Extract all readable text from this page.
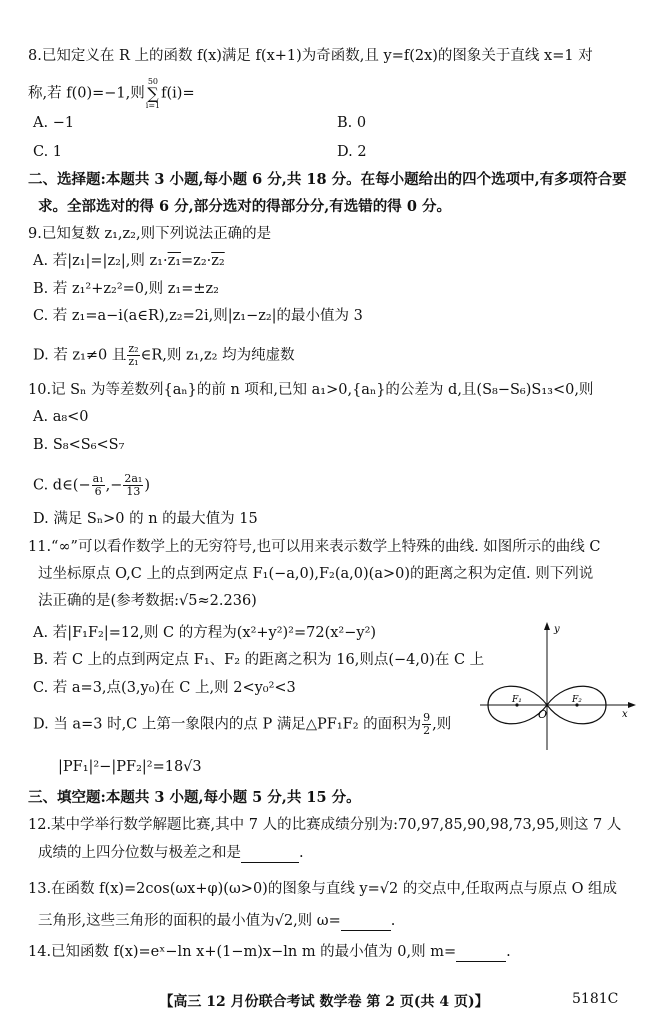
8.已知定义在 R 上的函数 f(x)满足 f(x+1)为奇函数,且 y=f(2x)的图象关于直线 x=1 对
称,若 f(0)=−1,则
50
∑
i=1
f(i)=
A. −1	B. 0
C. 1	D. 2
二、选择题:本题共 3 小题,每小题 6 分,共 18 分。在每小题给出的四个选项中,有多项符合要
求。全部选对的得 6 分,部分选对的得部分分,有选错的得 0 分。
9.已知复数 z₁,z₂,则下列说法正确的是
A. 若|z₁|=|z₂|,则 z₁·z₁=z₂·z₂
B. 若 z₁²+z₂²=0,则 z₁=±z₂
C. 若 z₁=a−i(a∈R),z₂=2i,则|z₁−z₂|的最小值为 3
D. 若 z₁≠0 且 $\frac{\text{z₂}}{\text{z₁}}$ ∈R,则 z₁,z₂ 均为纯虚数
10.记 Sₙ 为等差数列{aₙ}的前 n 项和,已知 a₁>0,{aₙ}的公差为 d,且(S₈−S₆)S₁₃<0,则
A. a₈<0
B. S₈<S₆<S₇
C. d∈(− $\frac{\text{a₁}}{6}$ ,− $\frac{\text{2a₁}}{13}$ )
D. 满足 Sₙ>0 的 n 的最大值为 15
11.“∞”可以看作数学上的无穷符号,也可以用来表示数学上特殊的曲线. 如图所示的曲线 C
过坐标原点 O,C 上的点到两定点 F₁(−a,0),F₂(a,0)(a>0)的距离之积为定值. 则下列说
法正确的是(参考数据:√5≈2.236)
A. 若|F₁F₂|=12,则 C 的方程为(x²+y²)²=72(x²−y²)
B. 若 C 上的点到两定点 F₁、F₂ 的距离之积为 16,则点(−4,0)在 C 上
C. 若 a=3,点(3,y₀)在 C 上,则 2<y₀²<3
D. 当 a=3 时,C 上第一象限内的点 P 满足△PF₁F₂ 的面积为 $\frac{9}{2}$ ,则
|PF₁|²−|PF₂|²=18√3
y
x
O
F₁	F₂
三、填空题:本题共 3 小题,每小题 5 分,共 15 分。
12.某中学举行数学解题比赛,其中 7 人的比赛成绩分别为:70,97,85,90,98,73,95,则这 7 人
成绩的上四分位数与极差之和是	.
13.在函数 f(x)=2cos(ωx+φ)(ω>0)的图象与直线 y=√2 的交点中,任取两点与原点 O 组成
三角形,这些三角形的面积的最小值为√2,则 ω=	.
14.已知函数 f(x)=eˣ−ln x+(1−m)x−ln m 的最小值为 0,则 m=	.
【高三 12 月份联合考试 数学卷 第 2 页(共 4 页)】	5181C
